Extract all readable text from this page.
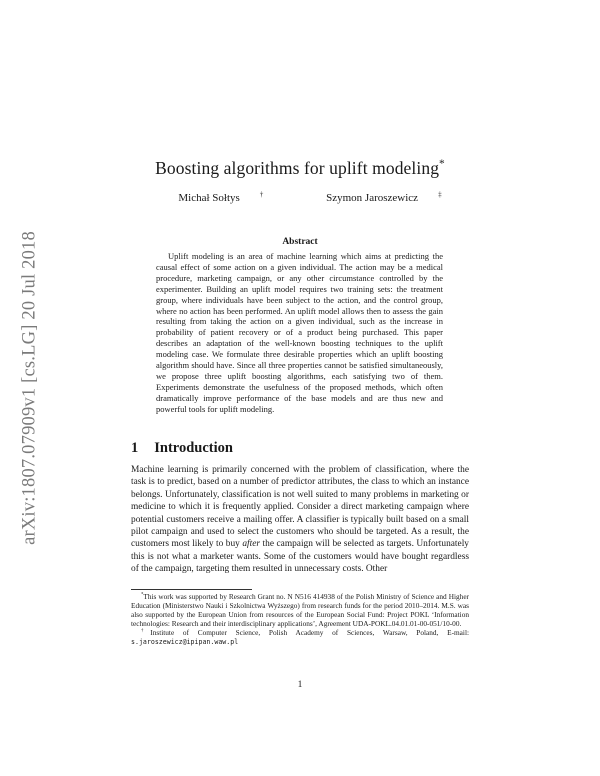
arXiv:1807.07909v1 [cs.LG] 20 Jul 2018
Boosting algorithms for uplift modeling*
Michał Sołtys	†	Szymon Jaroszewicz	‡
Abstract

Uplift modeling is an area of machine learning which aims at predicting the causal effect of some action on a given individual. The action may be a medical procedure, marketing campaign, or any other circumstance controlled by the experimenter. Building an uplift model requires two training sets: the treatment group, where individuals have been subject to the action, and the control group, where no action has been performed. An uplift model allows then to assess the gain resulting from taking the action on a given individual, such as the increase in probability of patient recovery or of a product being purchased. This paper describes an adaptation of the well-known boosting techniques to the uplift modeling case. We formulate three desirable properties which an uplift boosting algorithm should have. Since all three properties cannot be satisfied simultaneously, we propose three uplift boosting algorithms, each satisfying two of them. Experiments demonstrate the usefulness of the proposed methods, which often dramatically improve performance of the base models and are thus new and powerful tools for uplift modeling.

1 Introduction

Machine learning is primarily concerned with the problem of classification, where the task is to predict, based on a number of predictor attributes, the class to which an instance belongs. Unfortunately, classification is not well suited to many problems in marketing or medicine to which it is frequently applied. Consider a direct marketing campaign where potential customers receive a mailing offer. A classifier is typically built based on a small pilot campaign and used to select the customers who should be targeted. As a result, the customers most likely to buy after the campaign will be selected as targets. Unfortunately this is not what a marketer wants. Some of the customers would have bought regardless of the campaign, targeting them resulted in unnecessary costs. Other

*This work was supported by Research Grant no. N N516 414938 of the Polish Ministry of Science and Higher Education (Ministerstwo Nauki i Szkolnictwa Wyższego) from research funds for the period 2010–2014. M.S. was also supported by the European Union from resources of the European Social Fund: Project POKL ‘Information technologies: Research and their interdisciplinary applications’, Agreement UDA-POKL.04.01.01-00-051/10-00.

†Institute of Computer Science, Polish Academy of Sciences, Warsaw, Poland, E-mail: s.jaroszewicz@ipipan.waw.pl

1
